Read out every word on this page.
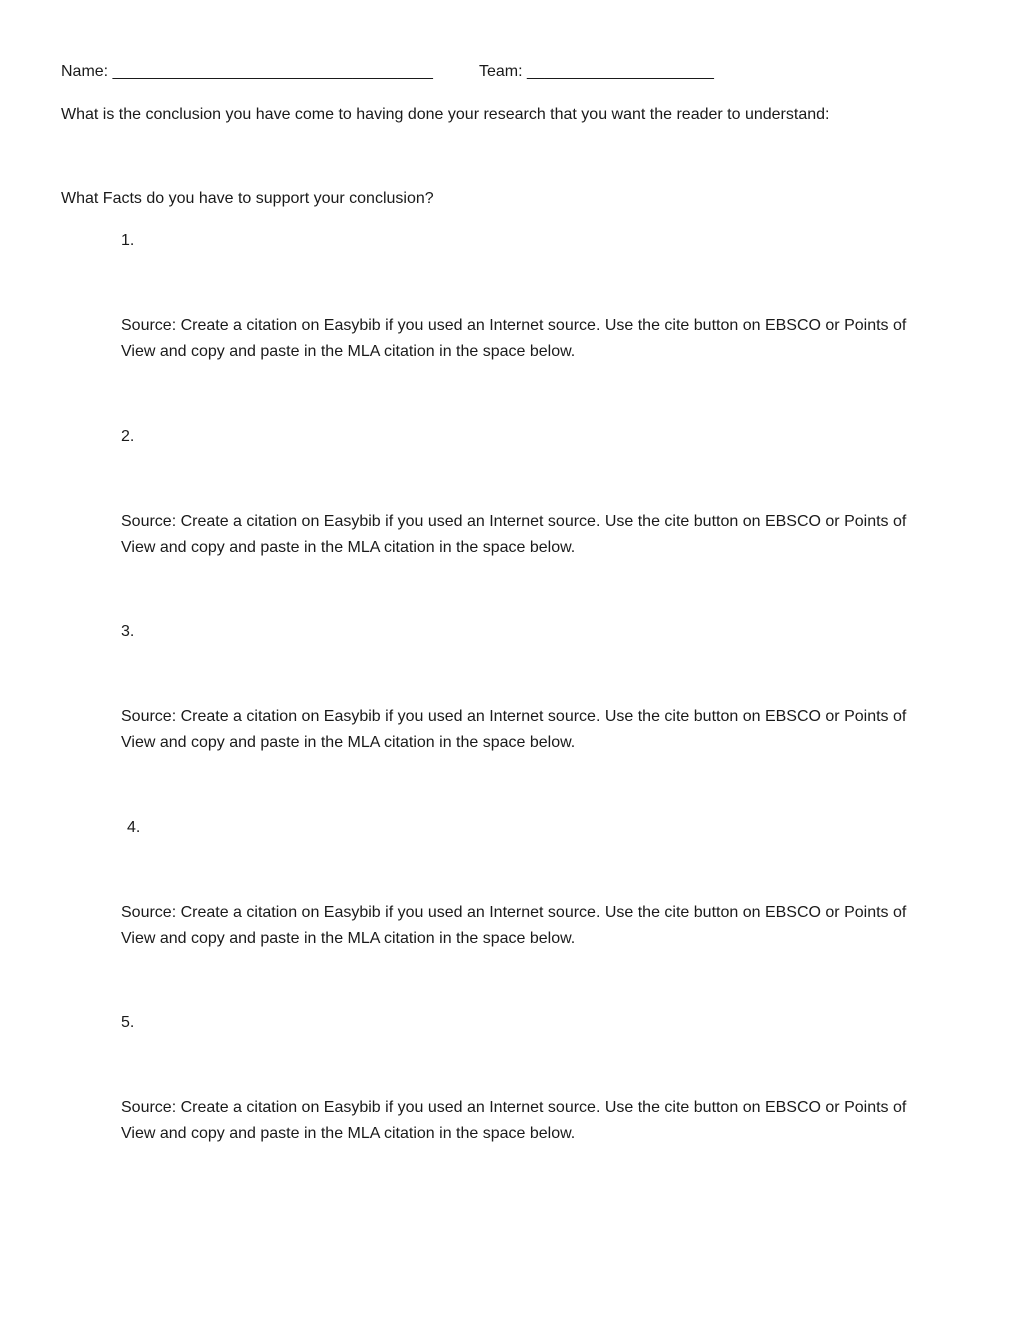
Name: ____________________________________	Team: _____________________
What is the conclusion you have come to having done your research that you want the reader to understand:
What Facts do you have to support your conclusion?
1.
Source: Create a citation on Easybib if you used an Internet source. Use the cite button on EBSCO or Points of
View and copy and paste in the MLA citation in the space below.
2.
Source: Create a citation on Easybib if you used an Internet source. Use the cite button on EBSCO or Points of
View and copy and paste in the MLA citation in the space below.
3.
Source: Create a citation on Easybib if you used an Internet source. Use the cite button on EBSCO or Points of
View and copy and paste in the MLA citation in the space below.
4.
Source: Create a citation on Easybib if you used an Internet source. Use the cite button on EBSCO or Points of
View and copy and paste in the MLA citation in the space below.
5.
Source: Create a citation on Easybib if you used an Internet source. Use the cite button on EBSCO or Points of
View and copy and paste in the MLA citation in the space below.
